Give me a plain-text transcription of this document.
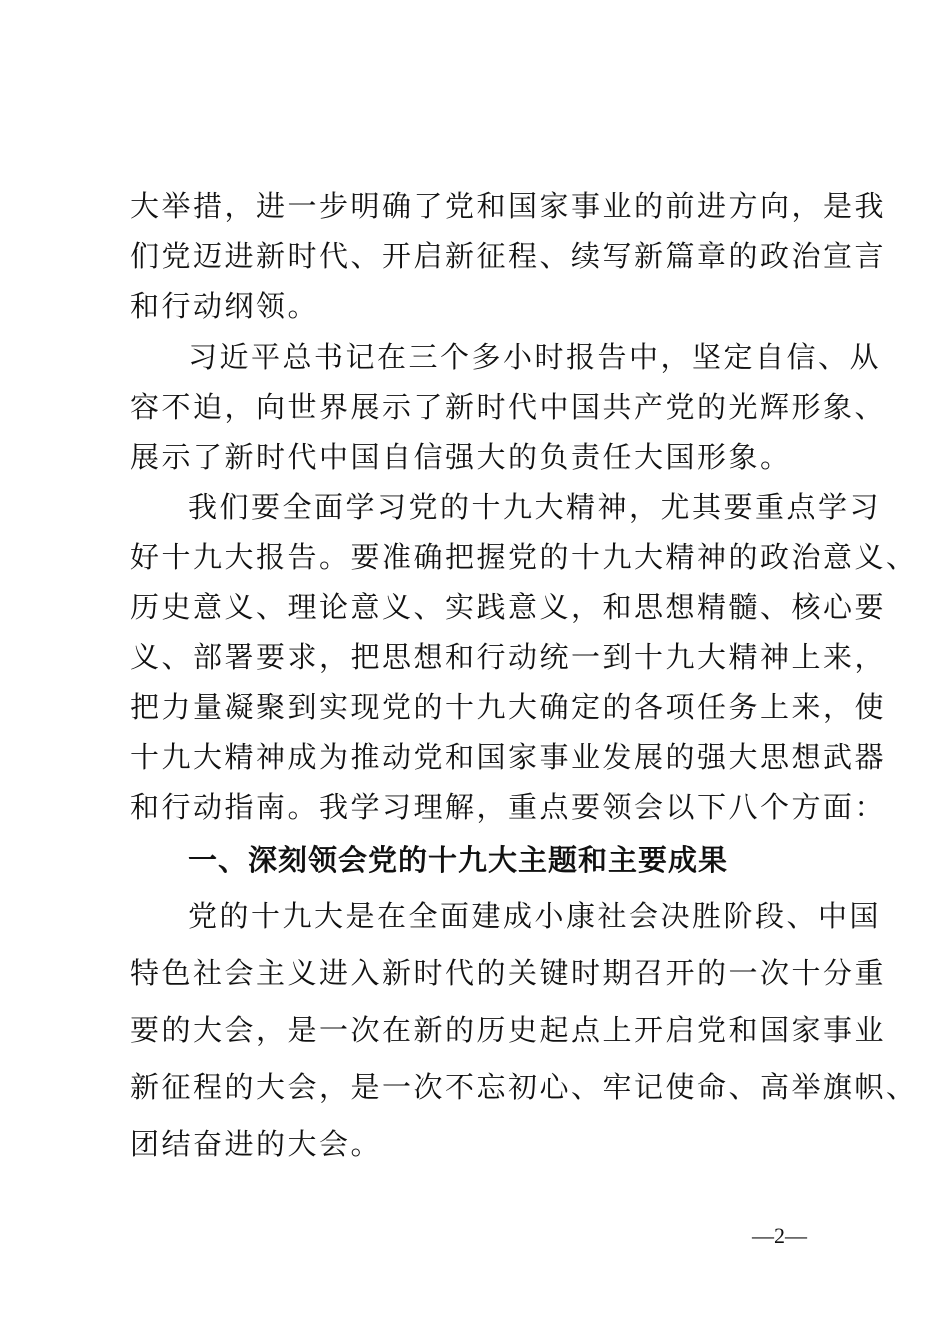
大举措，进一步明确了党和国家事业的前进方向，是我
们党迈进新时代、开启新征程、续写新篇章的政治宣言
和行动纲领。
习近平总书记在三个多小时报告中，坚定自信、从
容不迫，向世界展示了新时代中国共产党的光辉形象、
展示了新时代中国自信强大的负责任大国形象。
我们要全面学习党的十九大精神，尤其要重点学习
好十九大报告。要准确把握党的十九大精神的政治意义、
历史意义、理论意义、实践意义，和思想精髓、核心要
义、部署要求，把思想和行动统一到十九大精神上来，
把力量凝聚到实现党的十九大确定的各项任务上来，使
十九大精神成为推动党和国家事业发展的强大思想武器
和行动指南。我学习理解，重点要领会以下八个方面：
一、深刻领会党的十九大主题和主要成果
党的十九大是在全面建成小康社会决胜阶段、中国
特色社会主义进入新时代的关键时期召开的一次十分重
要的大会，是一次在新的历史起点上开启党和国家事业
新征程的大会，是一次不忘初心、牢记使命、高举旗帜、
团结奋进的大会。
—2—
